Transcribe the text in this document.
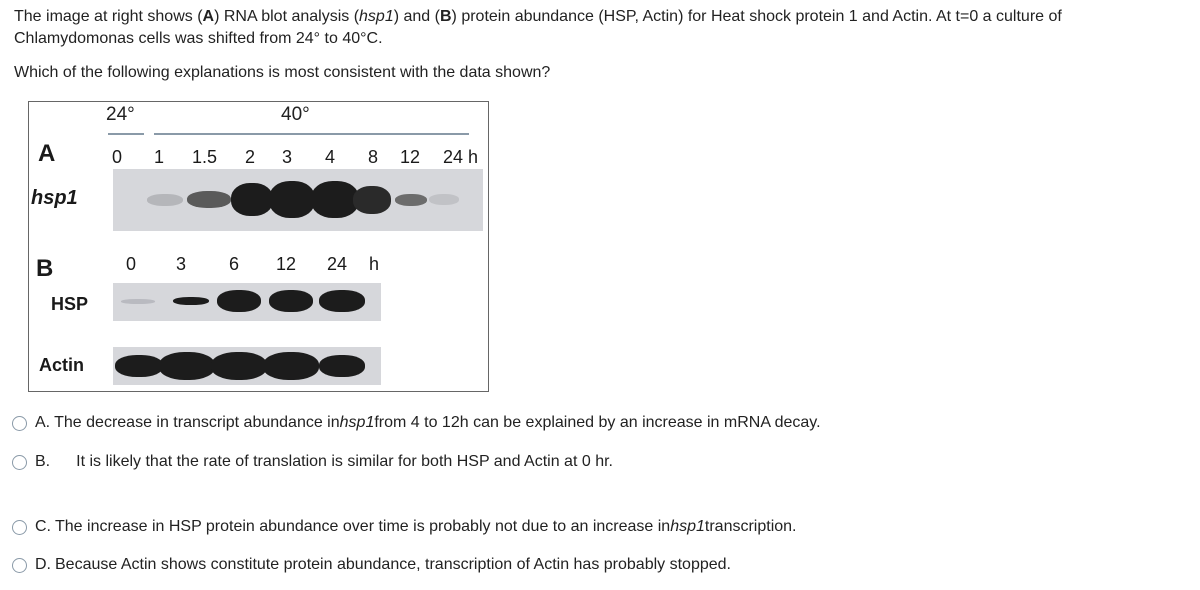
The image at right shows (A) RNA blot analysis (hsp1) and (B) protein abundance (HSP, Actin) for Heat shock protein 1 and Actin. At t=0 a culture of Chlamydomonas cells was shifted from 24° to 40°C.
Which of the following explanations is most consistent with the data shown?
24°	40°
A	0 1 1.5 2 3 4 8 12 24 h
hsp1
B	0 3 6 12 24 h
HSP
Actin
A. The decrease in transcript abundance in hsp1 from 4 to 12h can be explained by an increase in mRNA decay.
B. It is likely that the rate of translation is similar for both HSP and Actin at 0 hr.
C. The increase in HSP protein abundance over time is probably not due to an increase in hsp1 transcription.
D. Because Actin shows constitute protein abundance, transcription of Actin has probably stopped.
